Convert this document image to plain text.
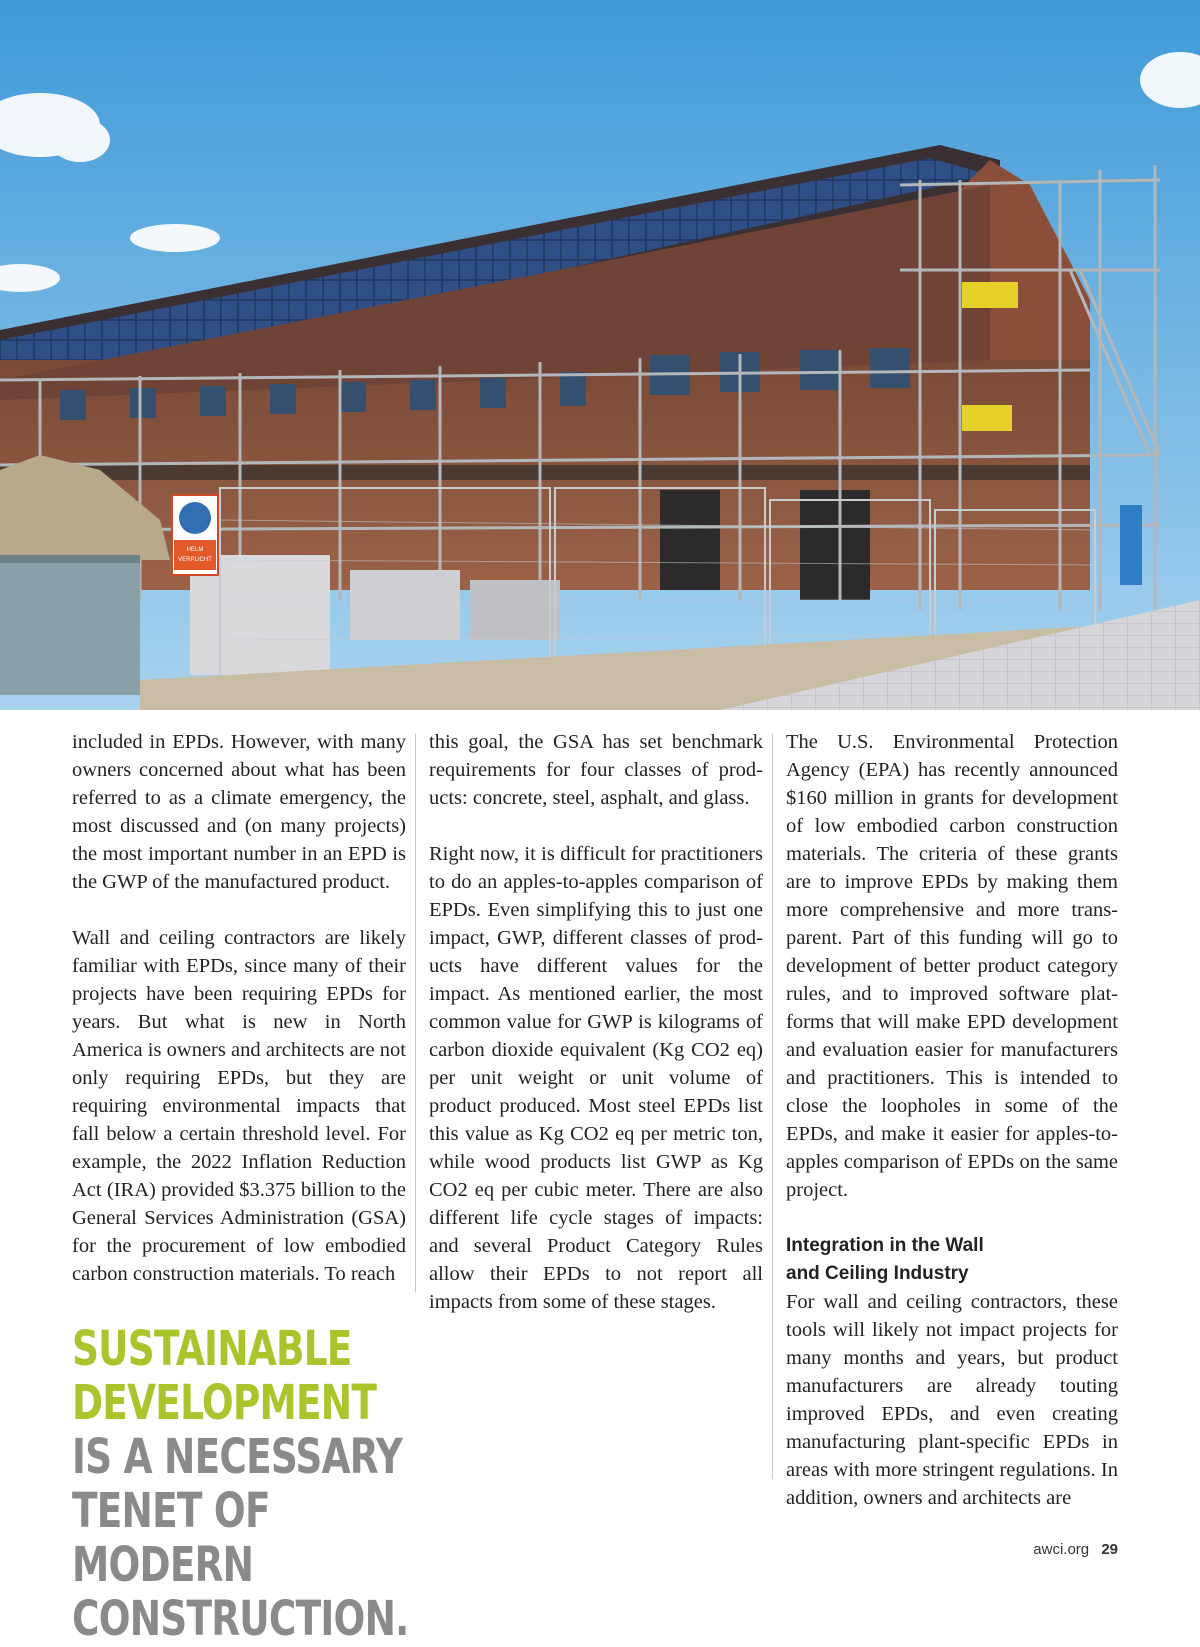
HELM
VERPLICHT

included in EPDs. However, with many owners concerned about what has been referred to as a climate emergency, the most discussed and (on many projects) the most important number in an EPD is the GWP of the manufactured product.

Wall and ceiling contractors are likely familiar with EPDs, since many of their projects have been requiring EPDs for years. But what is new in North America is owners and architects are not only requiring EPDs, but they are requiring environmental impacts that fall below a certain threshold level. For example, the 2022 Inflation Reduction Act (IRA) provided $3.375 billion to the General Services Administration (GSA) for the procurement of low embodied carbon construction materials. To reach

this goal, the GSA has set benchmark requirements for four classes of products: concrete, steel, asphalt, and glass.

Right now, it is difficult for practitioners to do an apples-to-apples comparison of EPDs. Even simplifying this to just one impact, GWP, different classes of products have different values for the impact. As mentioned earlier, the most common value for GWP is kilograms of carbon dioxide equivalent (Kg CO2 eq) per unit weight or unit volume of product produced. Most steel EPDs list this value as Kg CO2 eq per metric ton, while wood products list GWP as Kg CO2 eq per cubic meter. There are also different life cycle stages of impacts: and several Product Category Rules allow their EPDs to not report all impacts from some of these stages.

The U.S. Environmental Protection Agency (EPA) has recently announced $160 million in grants for development of low embodied carbon construction materials. The criteria of these grants are to improve EPDs by making them more comprehensive and more transparent. Part of this funding will go to development of better product category rules, and to improved software platforms that will make EPD development and evaluation easier for manufacturers and practitioners. This is intended to close the loopholes in some of the EPDs, and make it easier for apples-to-apples comparison of EPDs on the same project.

Integration in the Wall
and Ceiling Industry

For wall and ceiling contractors, these tools will likely not impact projects for many months and years, but product manufacturers are already touting improved EPDs, and even creating manufacturing plant-specific EPDs in areas with more stringent regulations. In addition, owners and architects are

SUSTAINABLE DEVELOPMENT
IS A NECESSARY TENET OF
MODERN CONSTRUCTION.
awci.org 29
